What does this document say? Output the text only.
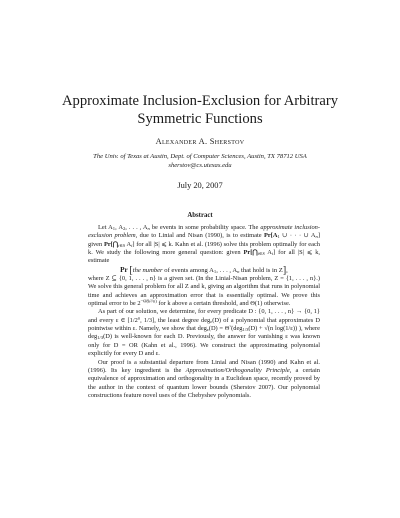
Approximate Inclusion-Exclusion for Arbitrary
Symmetric Functions
Alexander A. Sherstov
The Univ. of Texas at Austin, Dept. of Computer Sciences, Austin, TX 78712 USA
sherstov@cs.utexas.edu
July 20, 2007
Abstract

Let $A_1$, $A_2$, . . . , $A_n$ be events in some probability space. The approximate inclusion-exclusion problem, due to Linial and Nisan (1990), is to estimate $Pr[A_1$ ∪ · · · ∪ $A_n$] given $Pr[⋂_{i\in S}$ $A_i$] for all |S| ⩽ k. Kahn et al. (1996) solve this problem optimally for each k. We study the following more general question: given $Pr[⋂_{i\in S}$ $A_i$] for all |S| ⩽ k, estimate

Pr [the number of events among $A_1$, . . . , $A_n$ that hold is in Z],

where Z ⊆ {0, 1, . . . , n} is a given set. (In the Linial-Nisan problem, Z = {1, . . . , n}.) We solve this general problem for all Z and k, giving an algorithm that runs in polynomial time and achieves an approximation error that is essentially optimal. We prove this optimal error to be $2^{-\Thetã(k^2/n)}$ for k above a certain threshold, and Θ(1) otherwise.

As part of our solution, we determine, for every predicate D : {0, 1, . . . , n} → {0, 1} and every ε ∈ [1/2$^n$, 1/3], the least degree deg$_\varepsilon$(D) of a polynomial that approximates D pointwise within ε. Namely, we show that deg$_\varepsilon$(D) = Θ̃ (deg$_{1/3}$(D) + √(n log(1/ε)) ), where deg$_{1/3}$(D) is well-known for each D. Previously, the answer for vanishing ε was known only for D = OR (Kahn et al., 1996). We construct the approximating polynomial explicitly for every D and ε.

Our proof is a substantial departure from Linial and Nisan (1990) and Kahn et al. (1996). Its key ingredient is the Approximation/Orthogonality Principle, a certain equivalence of approximation and orthogonality in a Euclidean space, recently proved by the author in the context of quantum lower bounds (Sherstov 2007). Our polynomial constructions feature novel uses of the Chebyshev polynomials.
